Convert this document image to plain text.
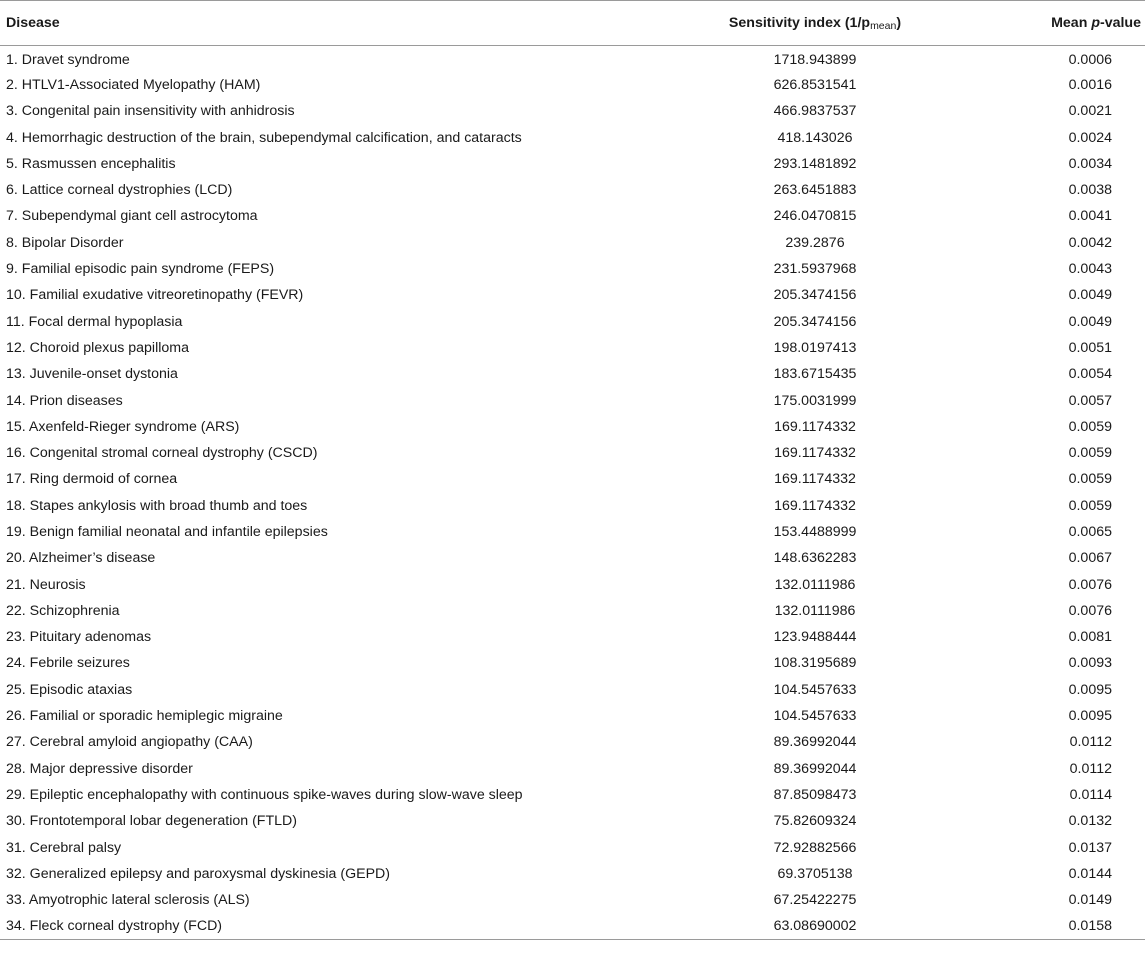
Disease	Sensitivity index $(1/p_{mean})$	Mean p-value
1. Dravet syndrome	1718.943899	0.0006
2. HTLV1-Associated Myelopathy (HAM)	626.8531541	0.0016
3. Congenital pain insensitivity with anhidrosis	466.9837537	0.0021
4. Hemorrhagic destruction of the brain, subependymal calcification, and cataracts	418.143026	0.0024
5. Rasmussen encephalitis	293.1481892	0.0034
6. Lattice corneal dystrophies (LCD)	263.6451883	0.0038
7. Subependymal giant cell astrocytoma	246.0470815	0.0041
8. Bipolar Disorder	239.2876	0.0042
9. Familial episodic pain syndrome (FEPS)	231.5937968	0.0043
10. Familial exudative vitreoretinopathy (FEVR)	205.3474156	0.0049
11. Focal dermal hypoplasia	205.3474156	0.0049
12. Choroid plexus papilloma	198.0197413	0.0051
13. Juvenile-onset dystonia	183.6715435	0.0054
14. Prion diseases	175.0031999	0.0057
15. Axenfeld-Rieger syndrome (ARS)	169.1174332	0.0059
16. Congenital stromal corneal dystrophy (CSCD)	169.1174332	0.0059
17. Ring dermoid of cornea	169.1174332	0.0059
18. Stapes ankylosis with broad thumb and toes	169.1174332	0.0059
19. Benign familial neonatal and infantile epilepsies	153.4488999	0.0065
20. Alzheimer’s disease	148.6362283	0.0067
21. Neurosis	132.0111986	0.0076
22. Schizophrenia	132.0111986	0.0076
23. Pituitary adenomas	123.9488444	0.0081
24. Febrile seizures	108.3195689	0.0093
25. Episodic ataxias	104.5457633	0.0095
26. Familial or sporadic hemiplegic migraine	104.5457633	0.0095
27. Cerebral amyloid angiopathy (CAA)	89.36992044	0.0112
28. Major depressive disorder	89.36992044	0.0112
29. Epileptic encephalopathy with continuous spike-waves during slow-wave sleep	87.85098473	0.0114
30. Frontotemporal lobar degeneration (FTLD)	75.82609324	0.0132
31. Cerebral palsy	72.92882566	0.0137
32. Generalized epilepsy and paroxysmal dyskinesia (GEPD)	69.3705138	0.0144
33. Amyotrophic lateral sclerosis (ALS)	67.25422275	0.0149
34. Fleck corneal dystrophy (FCD)	63.08690002	0.0158
